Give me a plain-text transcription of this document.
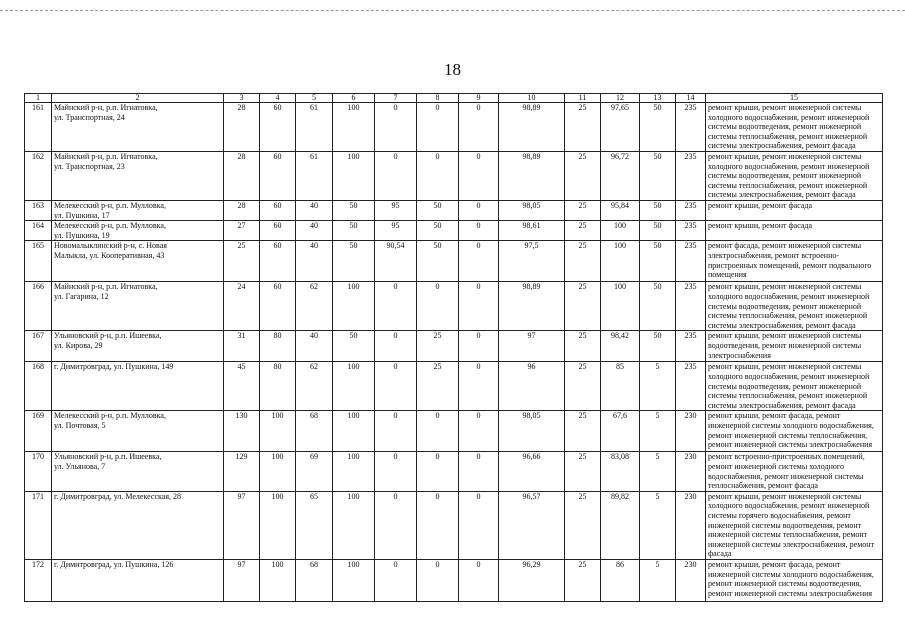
18
1	2	3	4	5	6	7	8	9	10	11	12	13	14	15
161	Майнский р-н, р.п. Игнатовка,
ул. Транспортная, 24	28	60	61	100	0	0	0	98,89	25	97,65	50	235	ремонт крыши, ремонт инженерной системы холодного водоснабжения, ремонт инженерной системы водоотведения, ремонт инженерной системы теплоснабжения, ремонт инженерной системы электроснабжения, ремонт фасада
162	Майнский р-н, р.п. Игнатовка,
ул. Транспортная, 23	28	60	61	100	0	0	0	98,89	25	96,72	50	235	ремонт крыши, ремонт инженерной системы холодного водоснабжения, ремонт инженерной системы водоотведения, ремонт инженерной системы теплоснабжения, ремонт инженерной системы электроснабжения, ремонт фасада
163	Мелекесский р-н, р.п. Мулловка,
ул. Пушкина, 17	28	60	40	50	95	50	0	98,05	25	95,84	50	235	ремонт крыши, ремонт фасада
164	Мелекесский р-н, р.п. Мулловка,
ул. Пушкина, 19	27	60	40	50	95	50	0	98,61	25	100	50	235	ремонт крыши, ремонт фасада
165	Новомалыклинский р-н, с. Новая
Малыкла, ул. Кооперативная, 43	25	60	40	50	90,54	50	0	97,5	25	100	50	235	ремонт фасада, ремонт инженерной системы электроснабжения, ремонт встроенно-пристроенных помещений, ремонт подвального помещения
166	Майнский р-н, р.п. Игнатовка,
ул. Гагарина, 12	24	60	62	100	0	0	0	98,89	25	100	50	235	ремонт крыши, ремонт инженерной системы холодного водоснабжения, ремонт инженерной системы водоотведения, ремонт инженерной системы теплоснабжения, ремонт инженерной системы электроснабжения, ремонт фасада
167	Ульяновский р-н, р.п. Ишеевка,
ул. Кирова, 29	31	80	40	50	0	25	0	97	25	98,42	50	235	ремонт крыши, ремонт инженерной системы водоотведения, ремонт инженерной системы электроснабжения
168	г. Димитровград, ул. Пушкина, 149	45	80	62	100	0	25	0	96	25	85	5	235	ремонт крыши, ремонт инженерной системы холодного водоснабжения, ремонт инженерной системы водоотведения, ремонт инженерной системы теплоснабжения, ремонт инженерной системы электроснабжения, ремонт фасада
169	Мелекесский р-н, р.п. Мулловка,
ул. Почтовая, 5	130	100	68	100	0	0	0	98,05	25	67,6	5	230	ремонт крыши, ремонт фасада, ремонт инженерной системы холодного водоснабжения, ремонт инженерной системы теплоснабжения, ремонт инженерной системы электроснабжения
170	Ульяновский р-н, р.п. Ишеевка,
ул. Ульянова, 7	129	100	69	100	0	0	0	96,66	25	83,08	5	230	ремонт встроенно-пристроенных помещений, ремонт инженерной системы холодного водоснабжения, ремонт инженерной системы теплоснабжения, ремонт фасада
171	г. Димитровград, ул. Мелекесская, 28	97	100	65	100	0	0	0	96,57	25	89,82	5	230	ремонт крыши, ремонт инженерной системы холодного водоснабжения, ремонт инженерной системы горячего водоснабжения, ремонт инженерной системы водоотведения, ремонт инженерной системы теплоснабжения, ремонт инженерной системы электроснабжения, ремонт фасада
172	г. Димитровград, ул. Пушкина, 126	97	100	68	100	0	0	0	96,29	25	86	5	230	ремонт крыши, ремонт фасада, ремонт инженерной системы холодного водоснабжения, ремонт инженерной системы водоотведения, ремонт инженерной системы электроснабжения
